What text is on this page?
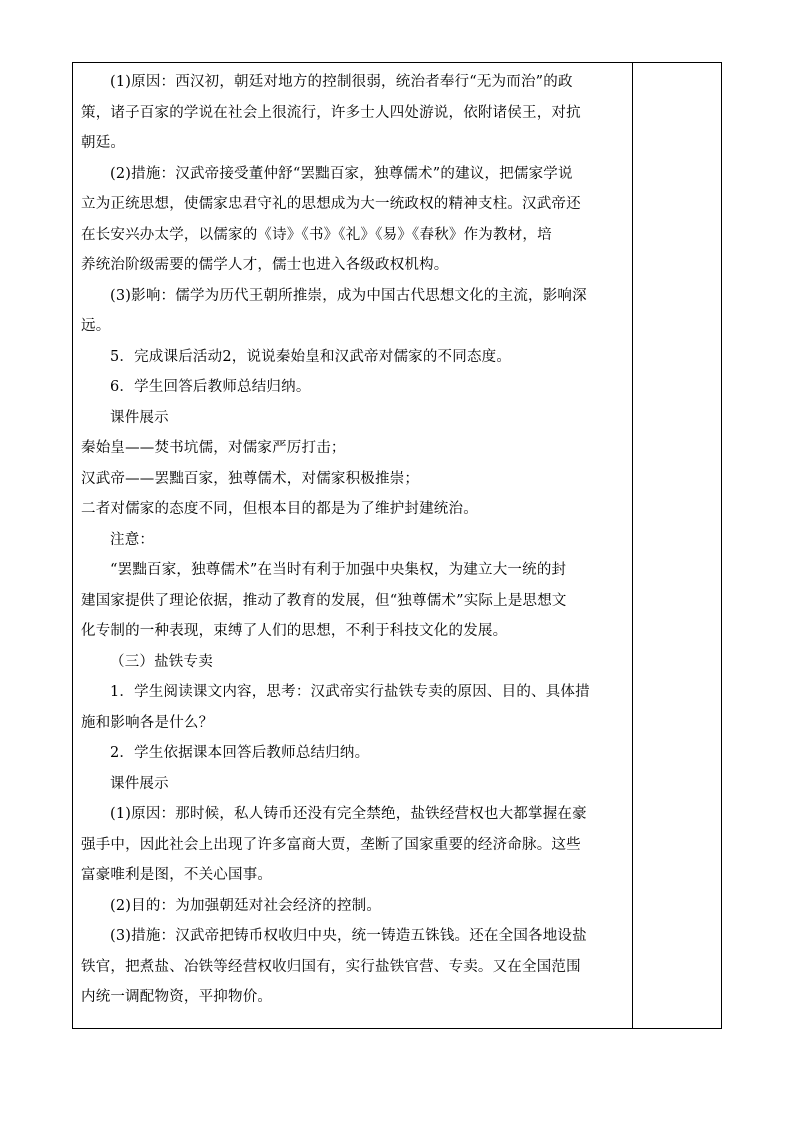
(1)原因：西汉初，朝廷对地方的控制很弱，统治者奉行“无为而治”的政
策，诸子百家的学说在社会上很流行，许多士人四处游说，依附诸侯王，对抗
朝廷。
(2)措施：汉武帝接受董仲舒“罢黜百家，独尊儒术”的建议，把儒家学说
立为正统思想，使儒家忠君守礼的思想成为大一统政权的精神支柱。汉武帝还
在长安兴办太学，以儒家的《诗》《书》《礼》《易》《春秋》作为教材，培
养统治阶级需要的儒学人才，儒士也进入各级政权机构。
(3)影响：儒学为历代王朝所推崇，成为中国古代思想文化的主流，影响深
远。
5．完成课后活动2，说说秦始皇和汉武帝对儒家的不同态度。
6．学生回答后教师总结归纳。
课件展示
秦始皇——焚书坑儒，对儒家严厉打击；
汉武帝——罢黜百家，独尊儒术，对儒家积极推崇；
二者对儒家的态度不同，但根本目的都是为了维护封建统治。
注意：
“罢黜百家，独尊儒术”在当时有利于加强中央集权，为建立大一统的封
建国家提供了理论依据，推动了教育的发展，但“独尊儒术”实际上是思想文
化专制的一种表现，束缚了人们的思想，不利于科技文化的发展。
（三）盐铁专卖
1．学生阅读课文内容，思考：汉武帝实行盐铁专卖的原因、目的、具体措
施和影响各是什么？
2．学生依据课本回答后教师总结归纳。
课件展示
(1)原因：那时候，私人铸币还没有完全禁绝，盐铁经营权也大都掌握在豪
强手中，因此社会上出现了许多富商大贾，垄断了国家重要的经济命脉。这些
富豪唯利是图，不关心国事。
(2)目的：为加强朝廷对社会经济的控制。
(3)措施：汉武帝把铸币权收归中央，统一铸造五铢钱。还在全国各地设盐
铁官，把煮盐、冶铁等经营权收归国有，实行盐铁官营、专卖。又在全国范围
内统一调配物资，平抑物价。
